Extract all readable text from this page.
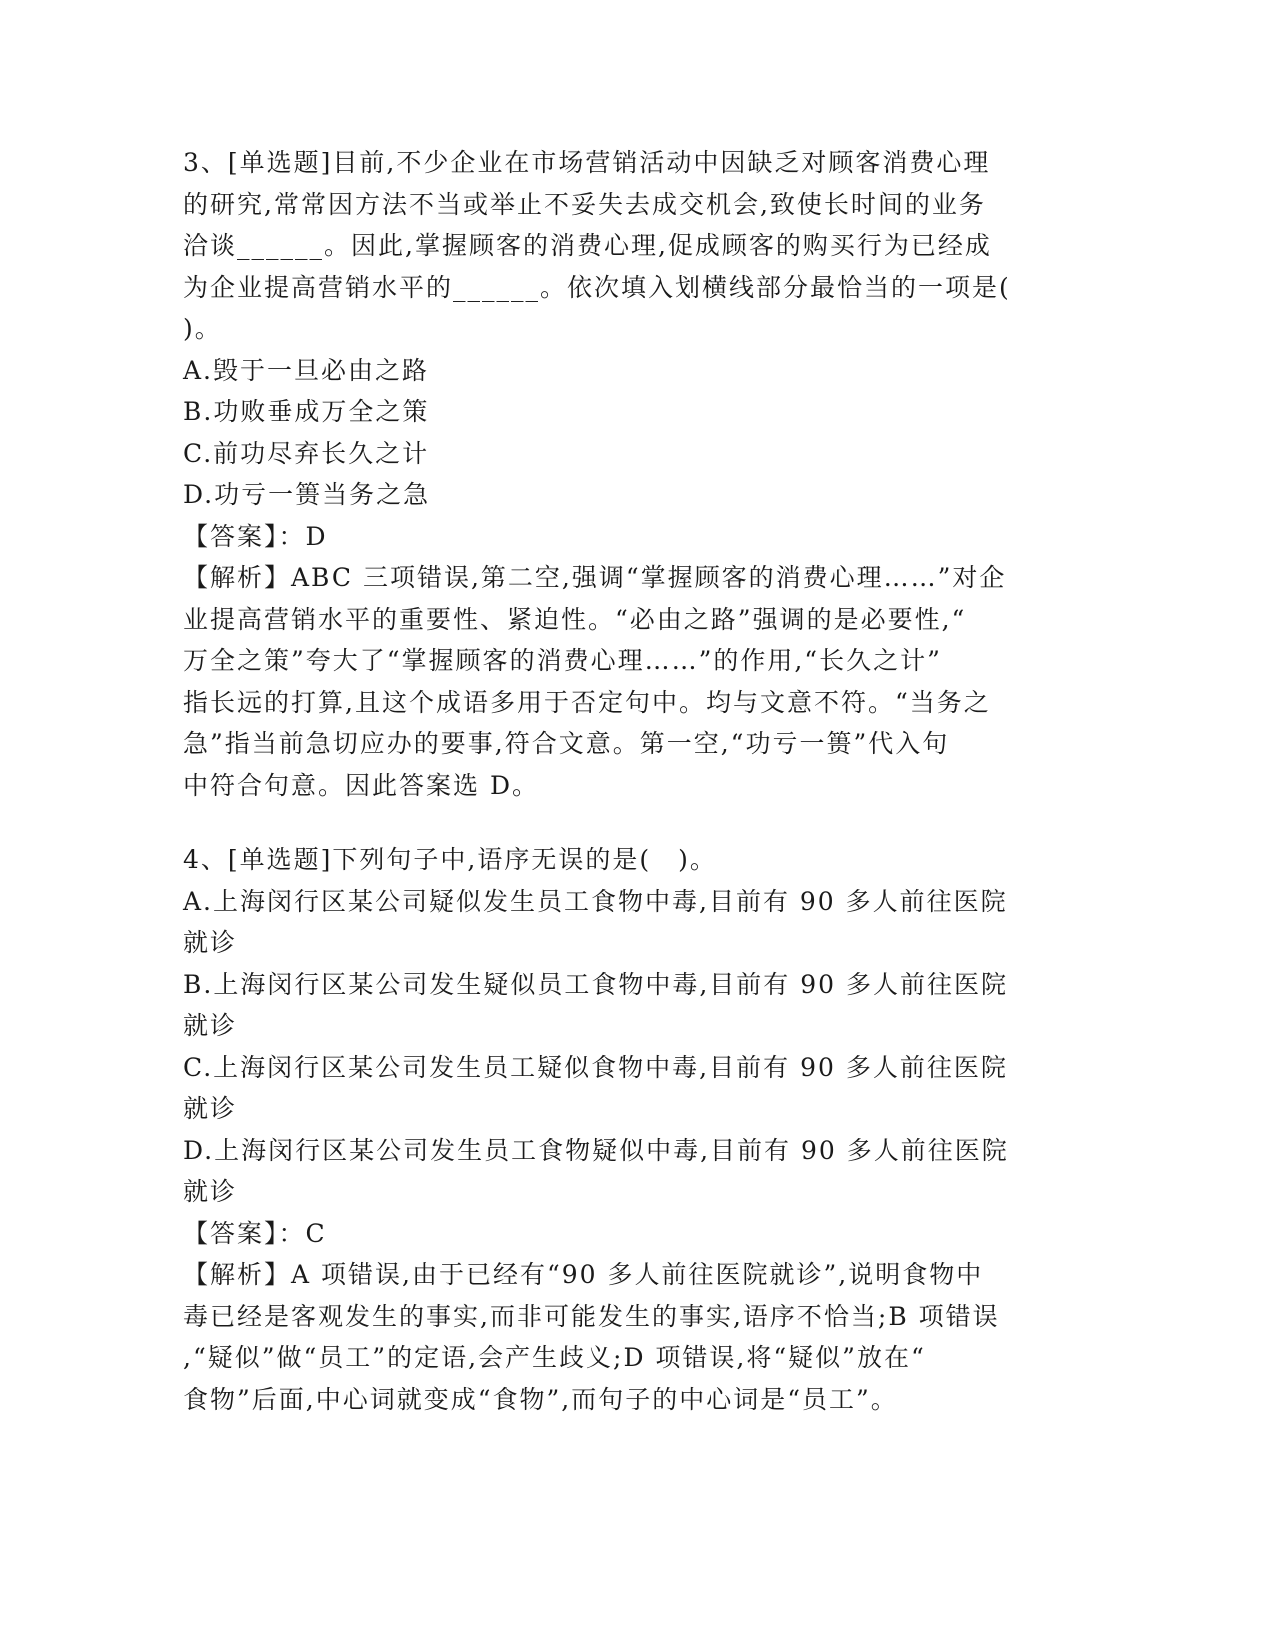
3、[单选题]目前,不少企业在市场营销活动中因缺乏对顾客消费心理

的研究,常常因方法不当或举止不妥失去成交机会,致使长时间的业务

洽谈______。因此,掌握顾客的消费心理,促成顾客的购买行为已经成

为企业提高营销水平的______。依次填入划横线部分最恰当的一项是(

)。

A.毁于一旦必由之路

B.功败垂成万全之策

C.前功尽弃长久之计

D.功亏一篑当务之急

【答案】：D

【解析】ABC 三项错误,第二空,强调“掌握顾客的消费心理……”对企

业提高营销水平的重要性、紧迫性。“必由之路”强调的是必要性,“

万全之策”夸大了“掌握顾客的消费心理……”的作用,“长久之计”

指长远的打算,且这个成语多用于否定句中。均与文意不符。“当务之

急”指当前急切应办的要事,符合文意。第一空,“功亏一篑”代入句

中符合句意。因此答案选 D。

4、[单选题]下列句子中,语序无误的是(　)。

A.上海闵行区某公司疑似发生员工食物中毒,目前有 90 多人前往医院

就诊

B.上海闵行区某公司发生疑似员工食物中毒,目前有 90 多人前往医院

就诊

C.上海闵行区某公司发生员工疑似食物中毒,目前有 90 多人前往医院

就诊

D.上海闵行区某公司发生员工食物疑似中毒,目前有 90 多人前往医院

就诊

【答案】：C

【解析】A 项错误,由于已经有“90 多人前往医院就诊”,说明食物中

毒已经是客观发生的事实,而非可能发生的事实,语序不恰当;B 项错误

,“疑似”做“员工”的定语,会产生歧义;D 项错误,将“疑似”放在“

食物”后面,中心词就变成“食物”,而句子的中心词是“员工”。
